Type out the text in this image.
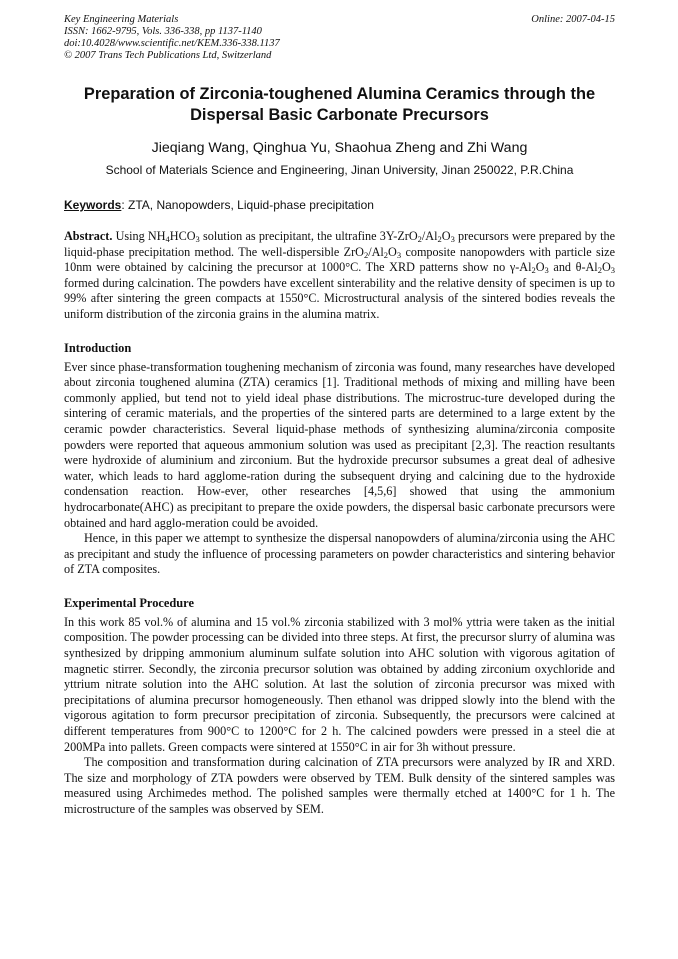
Key Engineering Materials
ISSN: 1662-9795, Vols. 336-338, pp 1137-1140
doi:10.4028/www.scientific.net/KEM.336-338.1137
© 2007 Trans Tech Publications Ltd, Switzerland
Online: 2007-04-15
Preparation of Zirconia-toughened Alumina Ceramics through the
Dispersal Basic Carbonate Precursors
Jieqiang Wang, Qinghua Yu, Shaohua Zheng and Zhi Wang
School of Materials Science and Engineering, Jinan University, Jinan 250022, P.R.China
Keywords: ZTA, Nanopowders, Liquid-phase precipitation
Abstract. Using $NH_4HCO_3$ solution as precipitant, the ultrafine $3Y-ZrO_2/Al_2O_3$ precursors were prepared by the liquid-phase precipitation method. The well-dispersible $ZrO_2/Al_2O_3$ composite nanopowders with particle size 10nm were obtained by calcining the precursor at 1000°C. The XRD patterns show no $\gamma-Al_2O_3$ and $\theta-Al_2O_3$ formed during calcination. The powders have excellent sinterability and the relative density of specimen is up to 99% after sintering the green compacts at 1550°C. Microstructural analysis of the sintered bodies reveals the uniform distribution of the zirconia grains in the alumina matrix.
Introduction

Ever since phase-transformation toughening mechanism of zirconia was found, many researches have developed about zirconia toughened alumina (ZTA) ceramics [1]. Traditional methods of mixing and milling have been commonly applied, but tend not to yield ideal phase distributions. The microstruc-ture developed during the sintering of ceramic materials, and the properties of the sintered parts are determined to a large extent by the ceramic powder characteristics. Several liquid-phase methods of synthesizing alumina/zirconia composite powders were reported that aqueous ammonium solution was used as precipitant [2,3]. The reaction resultants were hydroxide of aluminium and zirconium. But the hydroxide precursor subsumes a great deal of adhesive water, which leads to hard agglome-ration during the subsequent drying and calcining due to the hydroxide condensation reaction. How-ever, other researches [4,5,6] showed that using the ammonium hydrocarbonate(AHC) as precipitant to prepare the oxide powders, the dispersal basic carbonate precursors were obtained and hard agglo-meration could be avoided.

Hence, in this paper we attempt to synthesize the dispersal nanopowders of alumina/zirconia using the AHC as precipitant and study the influence of processing parameters on powder characteristics and sintering behavior of ZTA composites.

Experimental Procedure

In this work 85 vol.% of alumina and 15 vol.% zirconia stabilized with 3 mol% yttria were taken as the initial composition. The powder processing can be divided into three steps. At first, the precursor slurry of alumina was synthesized by dripping ammonium aluminum sulfate solution into AHC solution with vigorous agitation of magnetic stirrer. Secondly, the zirconia precursor solution was obtained by adding zirconium oxychloride and yttrium nitrate solution into the AHC solution. At last the solution of zirconia precursor was mixed with precipitations of alumina precursor homogeneously. Then ethanol was dripped slowly into the blend with the vigorous agitation to form precursor precipitation of zirconia. Subsequently, the precursors were calcined at different temperatures from 900°C to 1200°C for 2 h. The calcined powders were pressed in a steel die at 200MPa into pallets. Green compacts were sintered at 1550°C in air for 3h without pressure.

The composition and transformation during calcination of ZTA precursors were analyzed by IR and XRD. The size and morphology of ZTA powders were observed by TEM. Bulk density of the sintered samples was measured using Archimedes method. The polished samples were thermally etched at 1400°C for 1 h. The microstructure of the samples was observed by SEM.
